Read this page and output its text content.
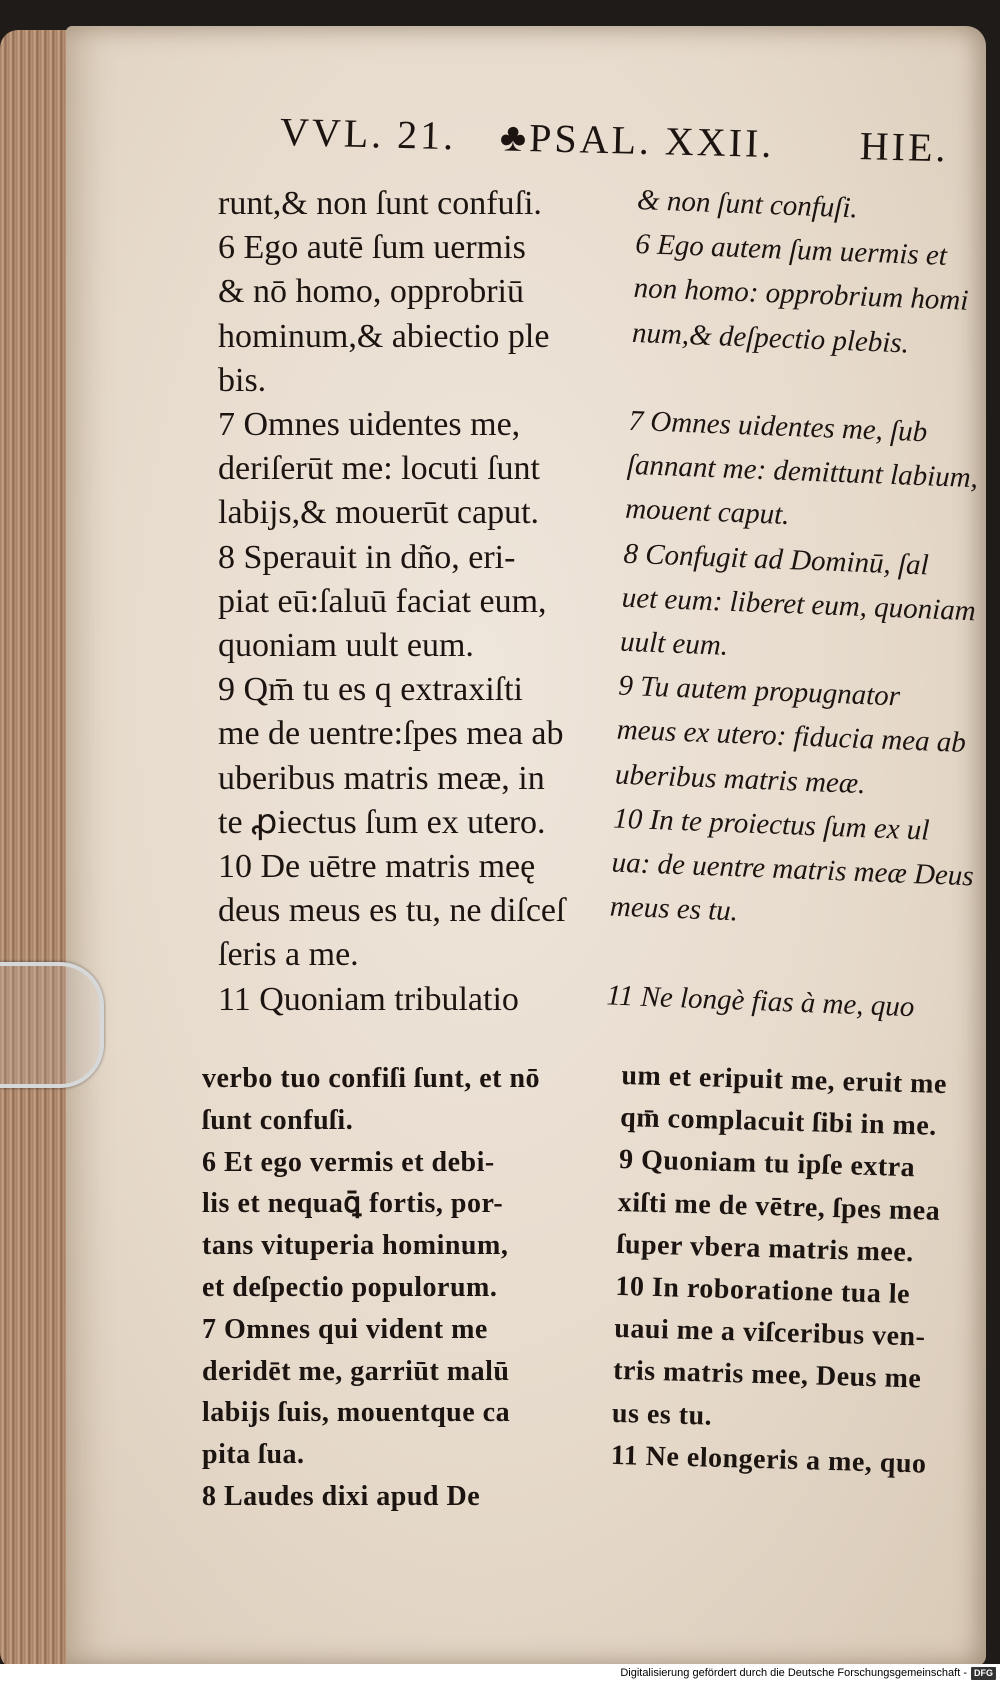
VVL. 21. ♣PSAL. XXII. HIE.
runt,& non ſunt confuſi.
6 Ego autē ſum uermis
& nō homo, opprobriū
hominum,& abiectio ple
bis.
7 Omnes uidentes me,
deriſerūt me: locuti ſunt
labijs,& mouerūt caput.
8 Sperauit in dño, eri-
piat eū:ſaluū faciat eum,
quoniam uult eum.
9 Qm̄ tu es q extraxiſti
me de uentre:ſpes mea ab
uberibus matris meæ, in
te ꝓiectus ſum ex utero.
10 De uētre matris meę
deus meus es tu, ne diſceſ
ſeris a me.
11 Quoniam tribulatio
& non ſunt confuſi.
6 Ego autem ſum uermis et
non homo: opprobrium homi
num,& deſpectio plebis.

7 Omnes uidentes me, ſub
ſannant me: demittunt labium,
mouent caput.
8 Confugit ad Dominū, ſal
uet eum: liberet eum, quoniam
uult eum.
9 Tu autem propugnator
meus ex utero: fiducia mea ab
uberibus matris meæ.
10 In te proiectus ſum ex ul
ua: de uentre matris meæ Deus
meus es tu.

11 Ne longè fias à me, quo
verbo tuo confiſi ſunt, et nō
ſunt confuſi.
6 Et ego vermis et debi-
lis et nequaꝗ̄ fortis, por-
tans vituperia hominum,
et deſpectio populorum.
7 Omnes qui vident me
deridēt me, garriūt malū
labijs ſuis, mouentque ca
pita ſua.
8 Laudes dixi apud De
um et eripuit me, eruit me
qm̄ complacuit ſibi in me.
9 Quoniam tu ipſe extra
xiſti me de vētre, ſpes mea
ſuper vbera matris mee.
10 In roboratione tua le
uaui me a viſceribus ven-
tris matris mee, Deus me
us es tu.
11 Ne elongeris a me, quo
Digitalisierung gefördert durch die Deutsche Forschungsgemeinschaft - DFG
